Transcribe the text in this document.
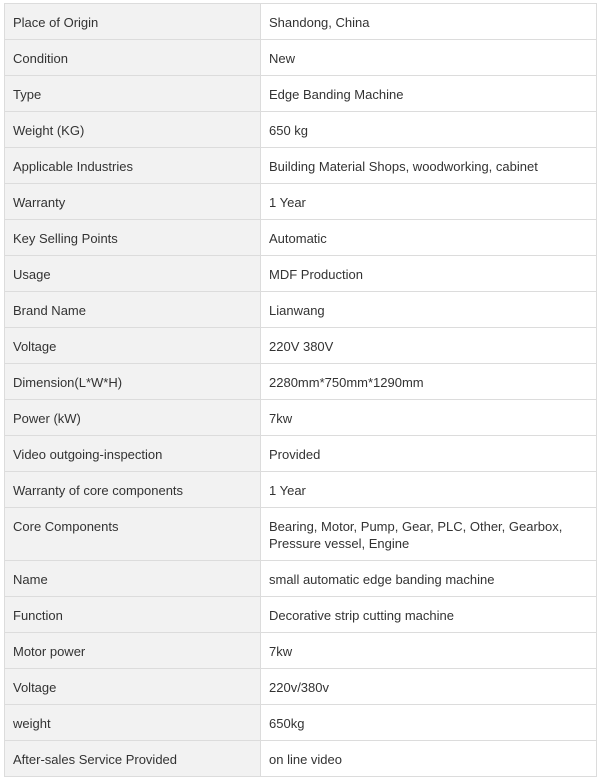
Place of Origin	Shandong, China
Condition	New
Type	Edge Banding Machine
Weight (KG)	650 kg
Applicable Industries	Building Material Shops, woodworking, cabinet
Warranty	1 Year
Key Selling Points	Automatic
Usage	MDF Production
Brand Name	Lianwang
Voltage	220V 380V
Dimension(L*W*H)	2280mm*750mm*1290mm
Power (kW)	7kw
Video outgoing-inspection	Provided
Warranty of core components	1 Year
Core Components	Bearing, Motor, Pump, Gear, PLC, Other, Gearbox, Pressure vessel, Engine
Name	small automatic edge banding machine
Function	Decorative strip cutting machine
Motor power	7kw
Voltage	220v/380v
weight	650kg
After-sales Service Provided	on line video
